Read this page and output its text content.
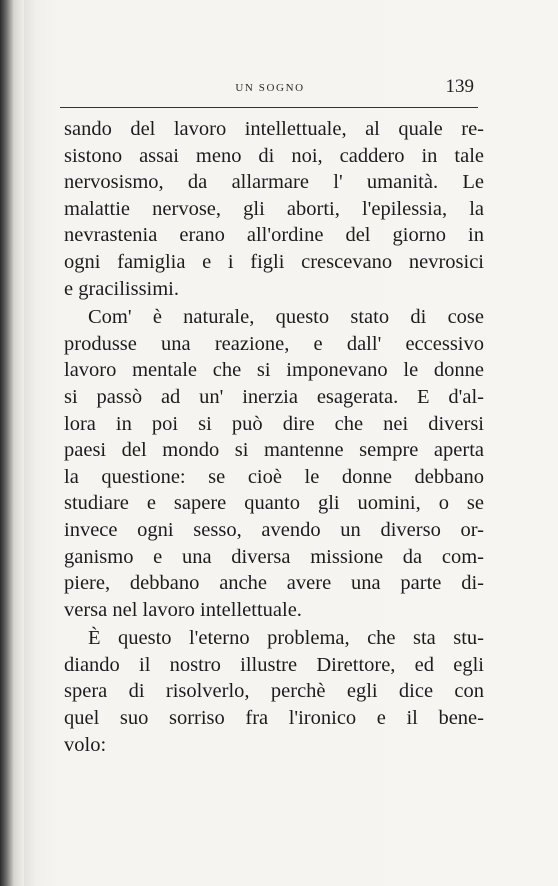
UN SOGNO	139
sando del lavoro intellettuale, al quale re-
sistono assai meno di noi, caddero in tale
nervosismo, da allarmare l' umanità. Le
malattie nervose, gli aborti, l'epilessia, la
nevrastenia erano all'ordine del giorno in
ogni famiglia e i figli crescevano nevrosici
e gracilissimi.
Com' è naturale, questo stato di cose
produsse una reazione, e dall' eccessivo
lavoro mentale che si imponevano le donne
si passò ad un' inerzia esagerata. E d'al-
lora in poi si può dire che nei diversi
paesi del mondo si mantenne sempre aperta
la questione: se cioè le donne debbano
studiare e sapere quanto gli uomini, o se
invece ogni sesso, avendo un diverso or-
ganismo e una diversa missione da com-
piere, debbano anche avere una parte di-
versa nel lavoro intellettuale.
È questo l'eterno problema, che sta stu-
diando il nostro illustre Direttore, ed egli
spera di risolverlo, perchè egli dice con
quel suo sorriso fra l'ironico e il bene-
volo:
